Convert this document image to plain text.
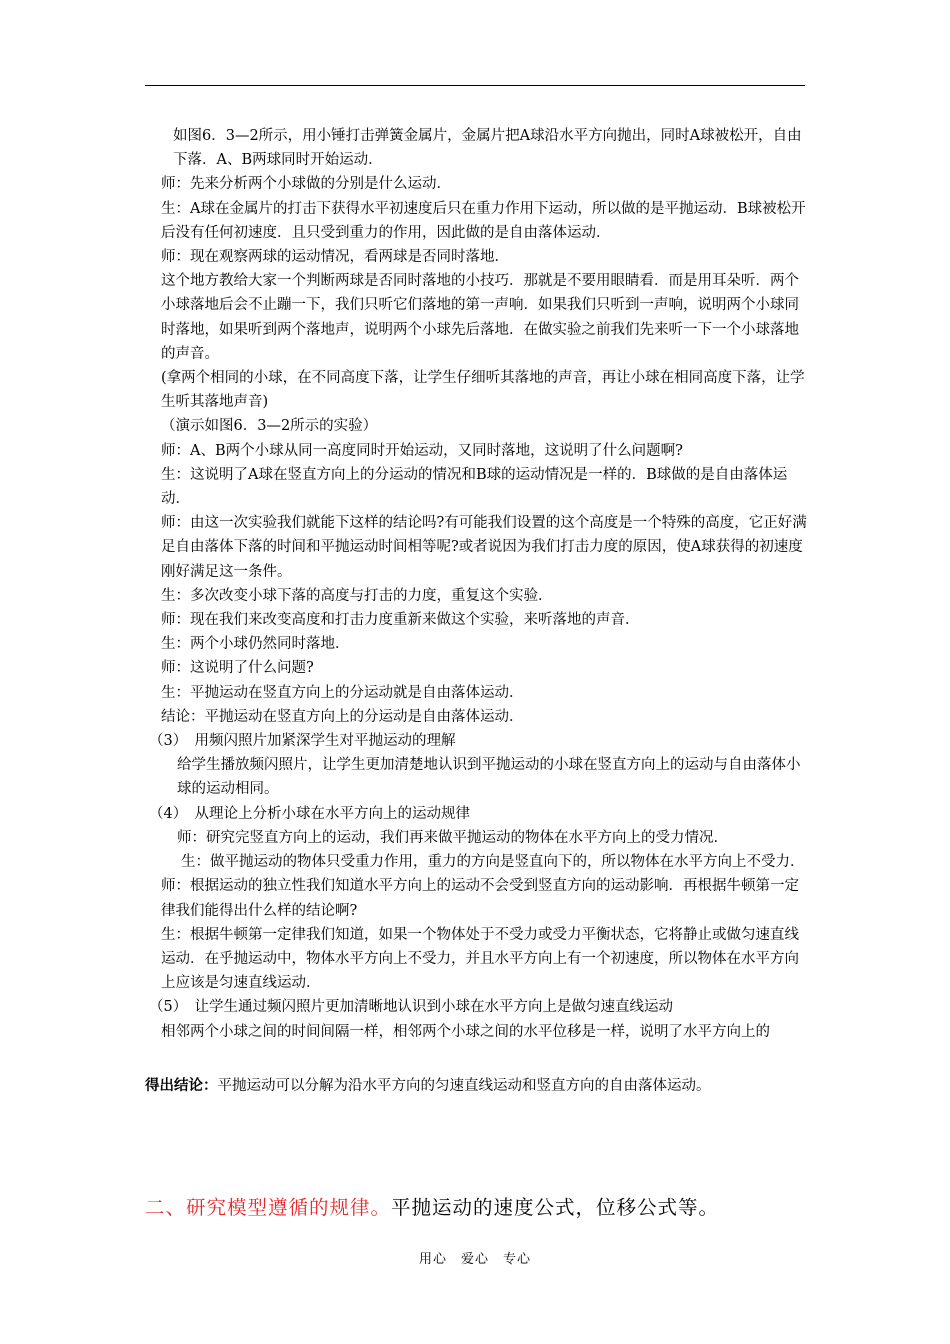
如图6．3—2所示，用小锤打击弹簧金属片，金属片把A球沿水平方向抛出，同时A球被松开，自由下落．A、B两球同时开始运动．

师：先来分析两个小球做的分别是什么运动．

生：A球在金属片的打击下获得水平初速度后只在重力作用下运动，所以做的是平抛运动．B球被松开后没有任何初速度．且只受到重力的作用，因此做的是自由落体运动．

师：现在观察两球的运动情况，看两球是否同时落地．

这个地方教给大家一个判断两球是否同时落地的小技巧．那就是不要用眼睛看．而是用耳朵听．两个小球落地后会不止蹦一下，我们只听它们落地的第一声响．如果我们只听到一声响，说明两个小球同时落地，如果听到两个落地声，说明两个小球先后落地．在做实验之前我们先来听一下一个小球落地的声音。

(拿两个相同的小球，在不同高度下落，让学生仔细听其落地的声音，再让小球在相同高度下落，让学生听其落地声音)

（演示如图6．3—2所示的实验）

师：A、B两个小球从同一高度同时开始运动，又同时落地，这说明了什么问题啊?

生：这说明了A球在竖直方向上的分运动的情况和B球的运动情况是一样的．B球做的是自由落体运动．

师：由这一次实验我们就能下这样的结论吗?有可能我们设置的这个高度是一个特殊的高度，它正好满足自由落体下落的时间和平抛运动时间相等呢?或者说因为我们打击力度的原因，使A球获得的初速度刚好满足这一条件。

生：多次改变小球下落的高度与打击的力度，重复这个实验．

师：现在我们来改变高度和打击力度重新来做这个实验，来听落地的声音．

生：两个小球仍然同时落地．

师：这说明了什么问题?

生：平抛运动在竖直方向上的分运动就是自由落体运动．

结论：平抛运动在竖直方向上的分运动是自由落体运动．

（3）　用频闪照片加紧深学生对平抛运动的理解

给学生播放频闪照片，让学生更加清楚地认识到平抛运动的小球在竖直方向上的运动与自由落体小球的运动相同。

（4）　从理论上分析小球在水平方向上的运动规律

师：研究完竖直方向上的运动，我们再来做平抛运动的物体在水平方向上的受力情况．

生：做平抛运动的物体只受重力作用，重力的方向是竖直向下的，所以物体在水平方向上不受力．

师：根据运动的独立性我们知道水平方向上的运动不会受到竖直方向的运动影响．再根据牛顿第一定律我们能得出什么样的结论啊?

生：根据牛顿第一定律我们知道，如果一个物体处于不受力或受力平衡状态，它将静止或做匀速直线运动．在乎抛运动中，物体水平方向上不受力，并且水平方向上有一个初速度，所以物体在水平方向上应该是匀速直线运动．

（5）　让学生通过频闪照片更加清晰地认识到小球在水平方向上是做匀速直线运动

相邻两个小球之间的时间间隔一样，相邻两个小球之间的水平位移是一样，说明了水平方向上的

得出结论：平抛运动可以分解为沿水平方向的匀速直线运动和竖直方向的自由落体运动。

二、研究模型遵循的规律。平抛运动的速度公式，位移公式等。
用心　爱心　专心
